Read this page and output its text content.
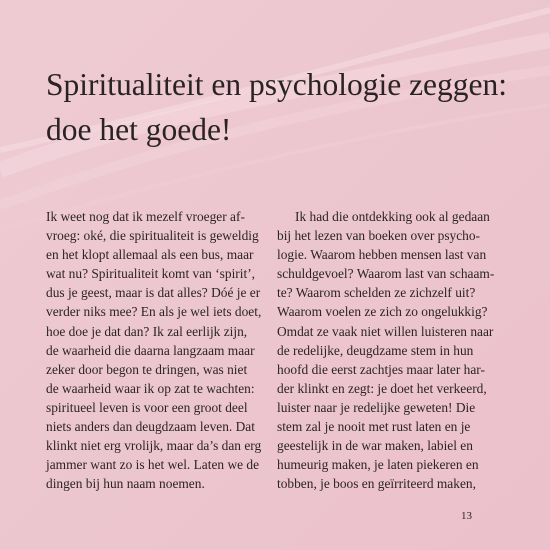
Spiritualiteit en psychologie zeggen:
doe het goede!
Ik weet nog dat ik mezelf vroeger af-
vroeg: oké, die spiritualiteit is geweldig
en het klopt allemaal als een bus, maar
wat nu? Spiritualiteit komt van ‘spirit’,
dus je geest, maar is dat alles? Dóé je er
verder niks mee? En als je wel iets doet,
hoe doe je dat dan? Ik zal eerlijk zijn,
de waarheid die daarna langzaam maar
zeker door begon te dringen, was niet
de waarheid waar ik op zat te wachten:
spiritueel leven is voor een groot deel
niets anders dan deugdzaam leven. Dat
klinkt niet erg vrolijk, maar da’s dan erg
jammer want zo is het wel. Laten we de
dingen bij hun naam noemen.
Ik had die ontdekking ook al gedaan
bij het lezen van boeken over psycho-
logie. Waarom hebben mensen last van
schuldgevoel? Waarom last van schaam-
te? Waarom schelden ze zichzelf uit?
Waarom voelen ze zich zo ongelukkig?
Omdat ze vaak niet willen luisteren naar
de redelijke, deugdzame stem in hun
hoofd die eerst zachtjes maar later har-
der klinkt en zegt: je doet het verkeerd,
luister naar je redelijke geweten! Die
stem zal je nooit met rust laten en je
geestelijk in de war maken, labiel en
humeurig maken, je laten piekeren en
tobben, je boos en geïrriteerd maken,
13
